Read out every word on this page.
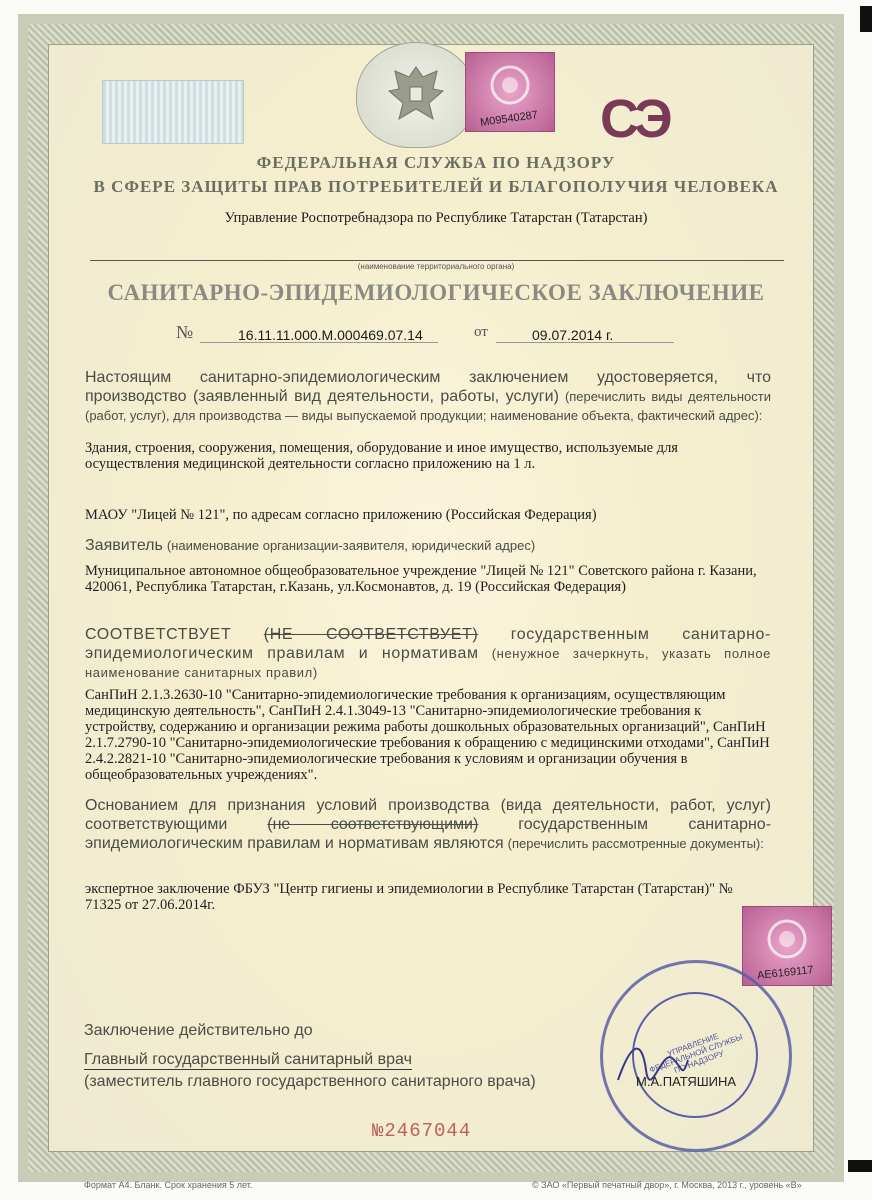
М09540287 СЭ
ФЕДЕРАЛЬНАЯ СЛУЖБА ПО НАДЗОРУ
В СФЕРЕ ЗАЩИТЫ ПРАВ ПОТРЕБИТЕЛЕЙ И БЛАГОПОЛУЧИЯ ЧЕЛОВЕКА
Управление Роспотребнадзора по Республике Татарстан (Татарстан)
(наименование территориального органа)
САНИТАРНО-ЭПИДЕМИОЛОГИЧЕСКОЕ ЗАКЛЮЧЕНИЕ
№	16.11.11.000.М.000469.07.14	от	09.07.2014 г.
Настоящим санитарно-эпидемиологическим заключением удостоверяется, что производство (заявленный вид деятельности, работы, услуги) (перечислить виды деятельности (работ, услуг), для производства — виды выпускаемой продукции; наименование объекта, фактический адрес):
Здания, строения, сооружения, помещения, оборудование и иное имущество, используемые для осуществления медицинской деятельности согласно приложению на 1 л.
МАОУ "Лицей № 121", по адресам согласно приложению (Российская Федерация)
Заявитель (наименование организации-заявителя, юридический адрес)
Муниципальное автономное общеобразовательное учреждение "Лицей № 121" Советского района г. Казани, 420061, Республика Татарстан, г.Казань, ул.Космонавтов, д. 19 (Российская Федерация)
СООТВЕТСТВУЕТ (НЕ СООТВЕТСТВУЕТ) государственным санитарно-эпидемиологическим правилам и нормативам (ненужное зачеркнуть, указать полное наименование санитарных правил)
СанПиН 2.1.3.2630-10 "Санитарно-эпидемиологические требования к организациям, осуществляющим медицинскую деятельность", СанПиН 2.4.1.3049-13 "Санитарно-эпидемиологические требования к устройству, содержанию и организации режима работы дошкольных образовательных организаций", СанПиН 2.1.7.2790-10 "Санитарно-эпидемиологические требования к обращению с медицинскими отходами", СанПиН 2.4.2.2821-10 "Санитарно-эпидемиологические требования к условиям и организации обучения в общеобразовательных учреждениях".
Основанием для признания условий производства (вида деятельности, работ, услуг) соответствующими (не соответствующими) государственным санитарно-эпидемиологическим правилам и нормативам являются (перечислить рассмотренные документы):
экспертное заключение ФБУЗ "Центр гигиены и эпидемиологии в Республике Татарстан (Татарстан)" № 71325 от 27.06.2014г.
АЕ6169117
УПРАВЛЕНИЕ ФЕДЕРАЛЬНОЙ СЛУЖБЫ ПО НАДЗОРУ
Заключение действительно до
Главный государственный санитарный врач
(заместитель главного государственного санитарного врача)	М.А.ПАТЯШИНА
№2467044
Формат А4. Бланк. Срок хранения 5 лет.	© ЗАО «Первый печатный двор», г. Москва, 2013 г., уровень «В»
